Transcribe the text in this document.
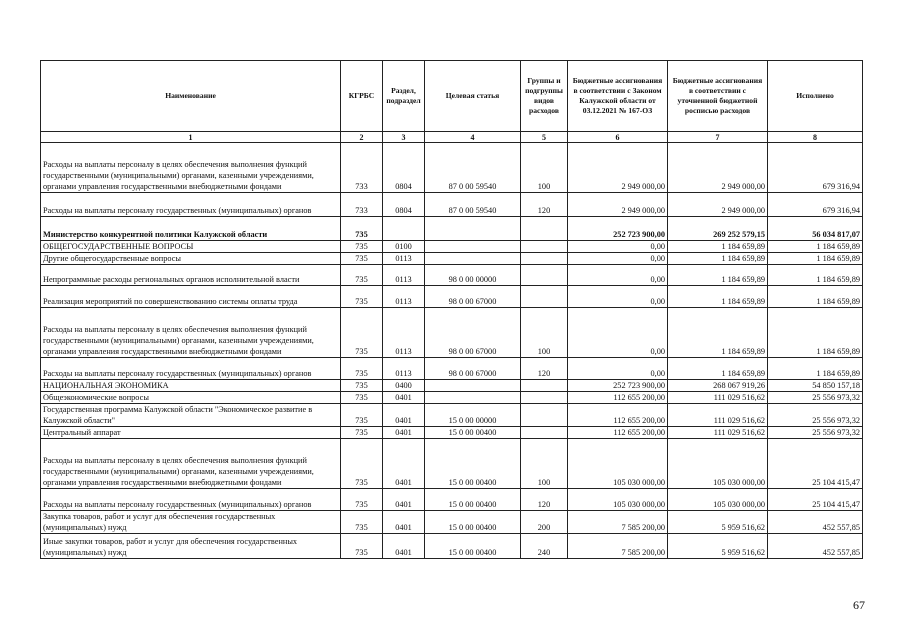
Наименование	КГРБС	Раздел, подраздел	Целевая статья	Группы и подгруппы видов расходов	Бюджетные ассигнования в соответствии с Законом Калужской области от 03.12.2021 № 167-ОЗ	Бюджетные ассигнования в соответствии с уточненной бюджетной росписью расходов	Исполнено
1	2	3	4	5	6	7	8
Расходы на выплаты персоналу в целях обеспечения выполнения функций государственными (муниципальными) органами, казенными учреждениями, органами управления государственными внебюджетными фондами	733	0804	87 0 00 59540	100	2 949 000,00	2 949 000,00	679 316,94
Расходы на выплаты персоналу государственных (муниципальных) органов	733	0804	87 0 00 59540	120	2 949 000,00	2 949 000,00	679 316,94
Министерство конкурентной политики Калужской области	735				252 723 900,00	269 252 579,15	56 034 817,07
ОБЩЕГОСУДАРСТВЕННЫЕ ВОПРОСЫ	735	0100			0,00	1 184 659,89	1 184 659,89
Другие общегосударственные вопросы	735	0113			0,00	1 184 659,89	1 184 659,89
Непрограммные расходы региональных органов исполнительной власти	735	0113	98 0 00 00000		0,00	1 184 659,89	1 184 659,89
Реализация мероприятий по совершенствованию системы оплаты труда	735	0113	98 0 00 67000		0,00	1 184 659,89	1 184 659,89
Расходы на выплаты персоналу в целях обеспечения выполнения функций государственными (муниципальными) органами, казенными учреждениями, органами управления государственными внебюджетными фондами	735	0113	98 0 00 67000	100	0,00	1 184 659,89	1 184 659,89
Расходы на выплаты персоналу государственных (муниципальных) органов	735	0113	98 0 00 67000	120	0,00	1 184 659,89	1 184 659,89
НАЦИОНАЛЬНАЯ ЭКОНОМИКА	735	0400			252 723 900,00	268 067 919,26	54 850 157,18
Общеэкономические вопросы	735	0401			112 655 200,00	111 029 516,62	25 556 973,32
Государственная программа Калужской области "Экономическое развитие в Калужской области"	735	0401	15 0 00 00000		112 655 200,00	111 029 516,62	25 556 973,32
Центральный аппарат	735	0401	15 0 00 00400		112 655 200,00	111 029 516,62	25 556 973,32
Расходы на выплаты персоналу в целях обеспечения выполнения функций государственными (муниципальными) органами, казенными учреждениями, органами управления государственными внебюджетными фондами	735	0401	15 0 00 00400	100	105 030 000,00	105 030 000,00	25 104 415,47
Расходы на выплаты персоналу государственных (муниципальных) органов	735	0401	15 0 00 00400	120	105 030 000,00	105 030 000,00	25 104 415,47
Закупка товаров, работ и услуг для обеспечения государственных (муниципальных) нужд	735	0401	15 0 00 00400	200	7 585 200,00	5 959 516,62	452 557,85
Иные закупки товаров, работ и услуг для обеспечения государственных (муниципальных) нужд	735	0401	15 0 00 00400	240	7 585 200,00	5 959 516,62	452 557,85
67
